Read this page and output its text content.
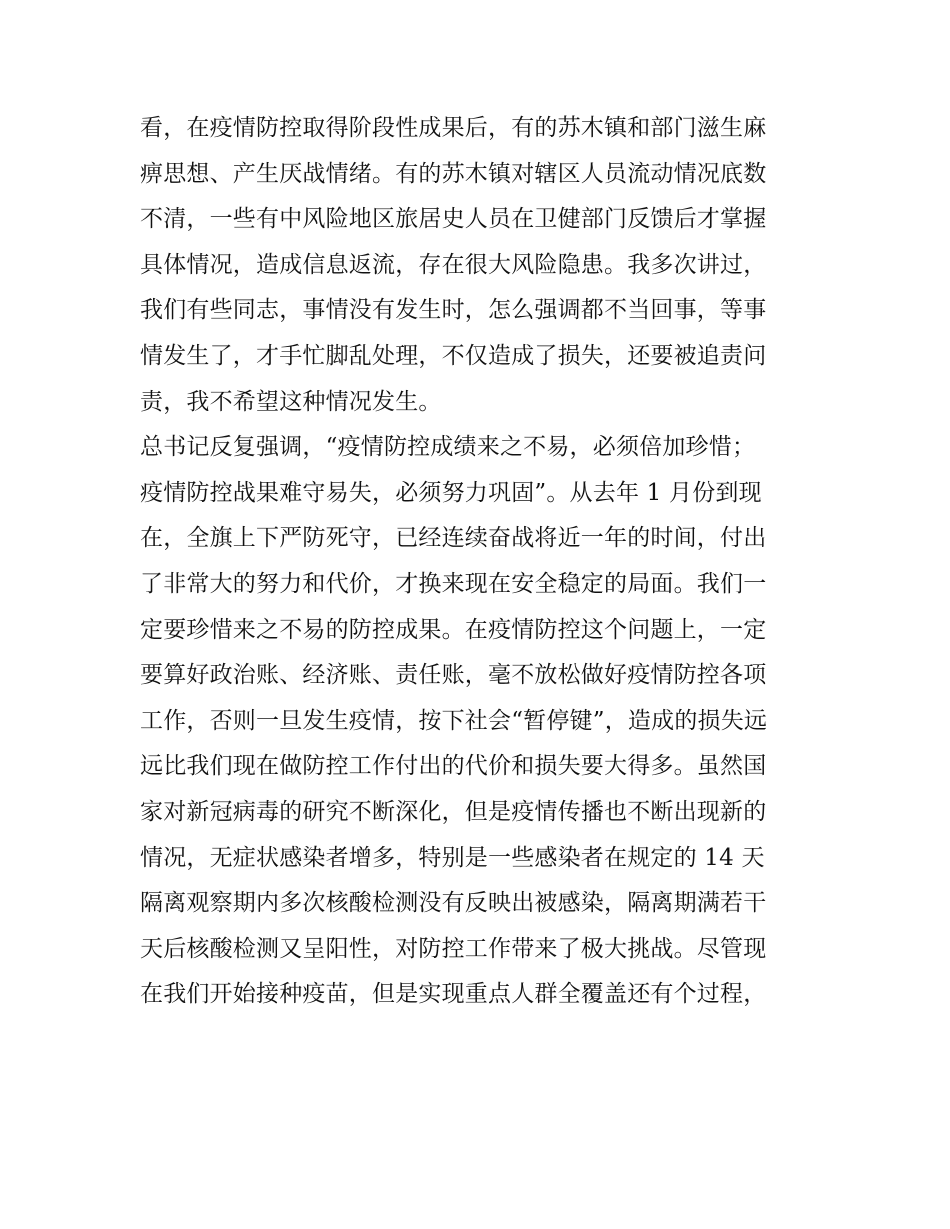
看，在疫情防控取得阶段性成果后，有的苏木镇和部门滋生麻
痹思想、产生厌战情绪。有的苏木镇对辖区人员流动情况底数
不清，一些有中风险地区旅居史人员在卫健部门反馈后才掌握
具体情况，造成信息返流，存在很大风险隐患。我多次讲过，
我们有些同志，事情没有发生时，怎么强调都不当回事，等事
情发生了，才手忙脚乱处理，不仅造成了损失，还要被追责问
责，我不希望这种情况发生。
总书记反复强调，“疫情防控成绩来之不易，必须倍加珍惜；
疫情防控战果难守易失，必须努力巩固”。从去年 1 月份到现
在，全旗上下严防死守，已经连续奋战将近一年的时间，付出
了非常大的努力和代价，才换来现在安全稳定的局面。我们一
定要珍惜来之不易的防控成果。在疫情防控这个问题上，一定
要算好政治账、经济账、责任账，毫不放松做好疫情防控各项
工作，否则一旦发生疫情，按下社会“暂停键”，造成的损失远
远比我们现在做防控工作付出的代价和损失要大得多。虽然国
家对新冠病毒的研究不断深化，但是疫情传播也不断出现新的
情况，无症状感染者增多，特别是一些感染者在规定的 14 天
隔离观察期内多次核酸检测没有反映出被感染，隔离期满若干
天后核酸检测又呈阳性，对防控工作带来了极大挑战。尽管现
在我们开始接种疫苗，但是实现重点人群全覆盖还有个过程，
